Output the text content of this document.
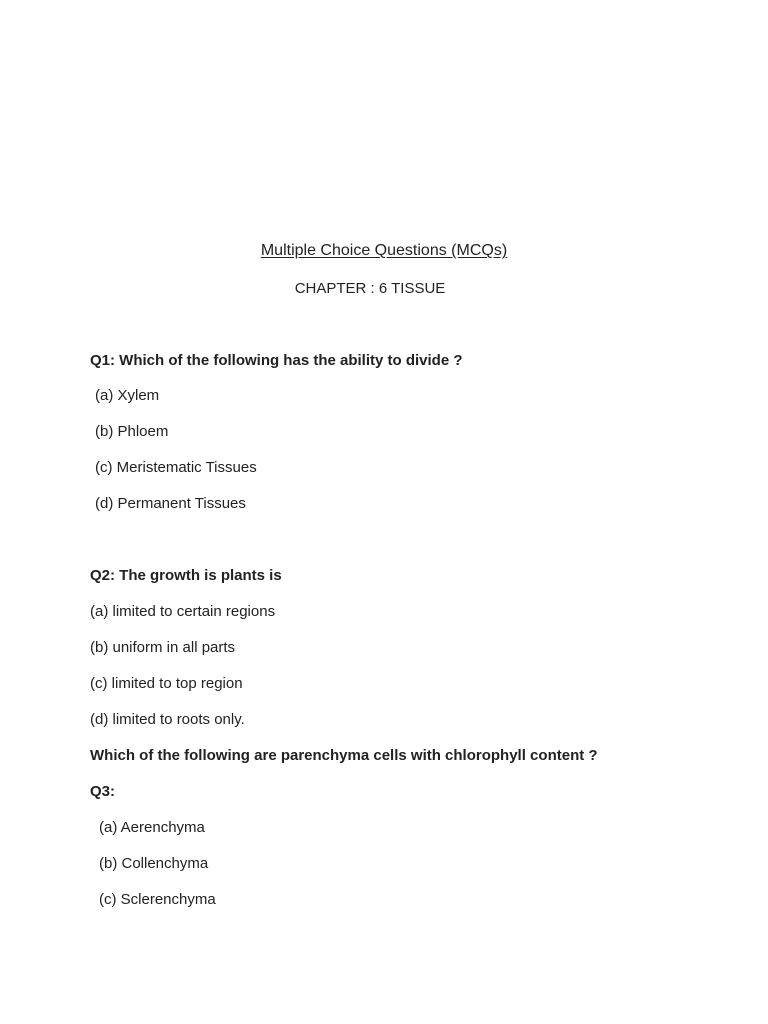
Multiple Choice Questions (MCQs)

CHAPTER : 6 TISSUE

Q1: Which of the following has the ability to divide ?

(a) Xylem

(b) Phloem

(c) Meristematic Tissues

(d) Permanent Tissues

Q2: The growth is plants is

(a) limited to certain regions

(b) uniform in all parts

(c) limited to top region

(d) limited to roots only.

Which of the following are parenchyma cells with chlorophyll content ?

Q3:

(a) Aerenchyma

(b) Collenchyma

(c) Sclerenchyma
